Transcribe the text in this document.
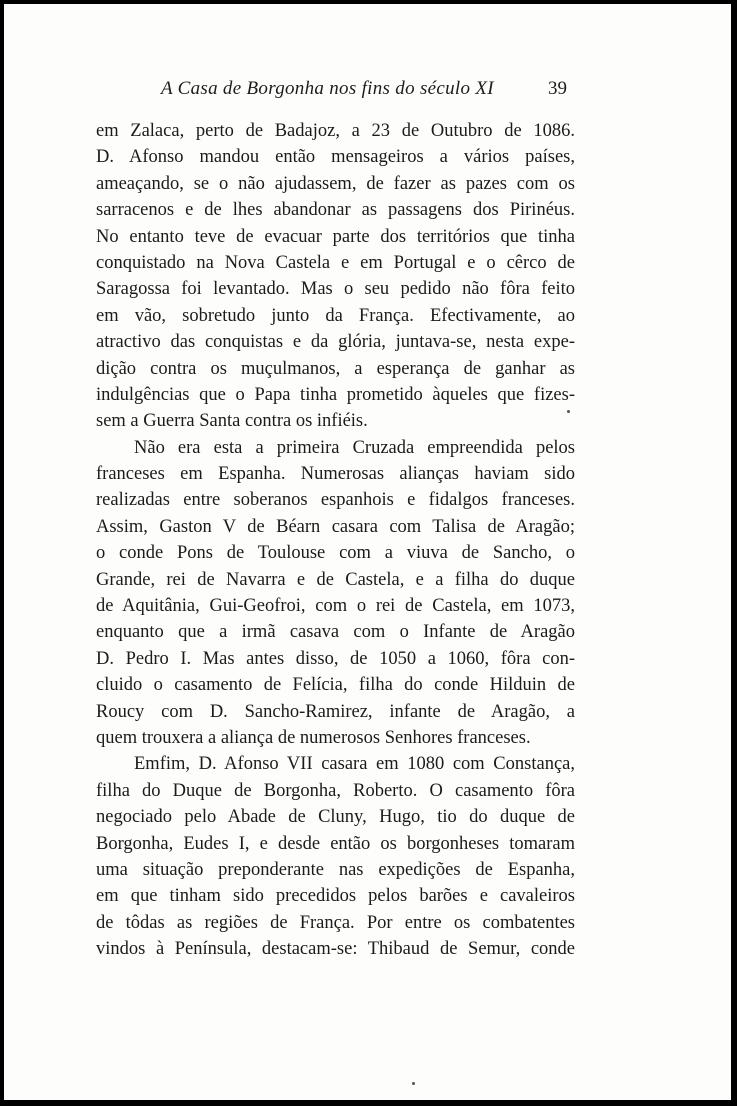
A Casa de Borgonha nos fins do século XI	39
em Zalaca, perto de Badajoz, a 23 de Outubro de 1086.
D. Afonso mandou então mensageiros a vários países,
ameaçando, se o não ajudassem, de fazer as pazes com os
sarracenos e de lhes abandonar as passagens dos Pirinéus.
No entanto teve de evacuar parte dos territórios que tinha
conquistado na Nova Castela e em Portugal e o cêrco de
Saragossa foi levantado. Mas o seu pedido não fôra feito
em vão, sobretudo junto da França. Efectivamente, ao
atractivo das conquistas e da glória, juntava-se, nesta expe-
dição contra os muçulmanos, a esperança de ganhar as
indulgências que o Papa tinha prometido àqueles que fizes-
sem a Guerra Santa contra os infiéis.
Não era esta a primeira Cruzada empreendida pelos
franceses em Espanha. Numerosas alianças haviam sido
realizadas entre soberanos espanhois e fidalgos franceses.
Assim, Gaston V de Béarn casara com Talisa de Aragão;
o conde Pons de Toulouse com a viuva de Sancho, o
Grande, rei de Navarra e de Castela, e a filha do duque
de Aquitânia, Gui-Geofroi, com o rei de Castela, em 1073,
enquanto que a irmã casava com o Infante de Aragão
D. Pedro I. Mas antes disso, de 1050 a 1060, fôra con-
cluido o casamento de Felícia, filha do conde Hilduin de
Roucy com D. Sancho-Ramirez, infante de Aragão, a
quem trouxera a aliança de numerosos Senhores franceses.
Emfim, D. Afonso VII casara em 1080 com Constança,
filha do Duque de Borgonha, Roberto. O casamento fôra
negociado pelo Abade de Cluny, Hugo, tio do duque de
Borgonha, Eudes I, e desde então os borgonheses tomaram
uma situação preponderante nas expedições de Espanha,
em que tinham sido precedidos pelos barões e cavaleiros
de tôdas as regiões de França. Por entre os combatentes
vindos à Península, destacam-se: Thibaud de Semur, conde
